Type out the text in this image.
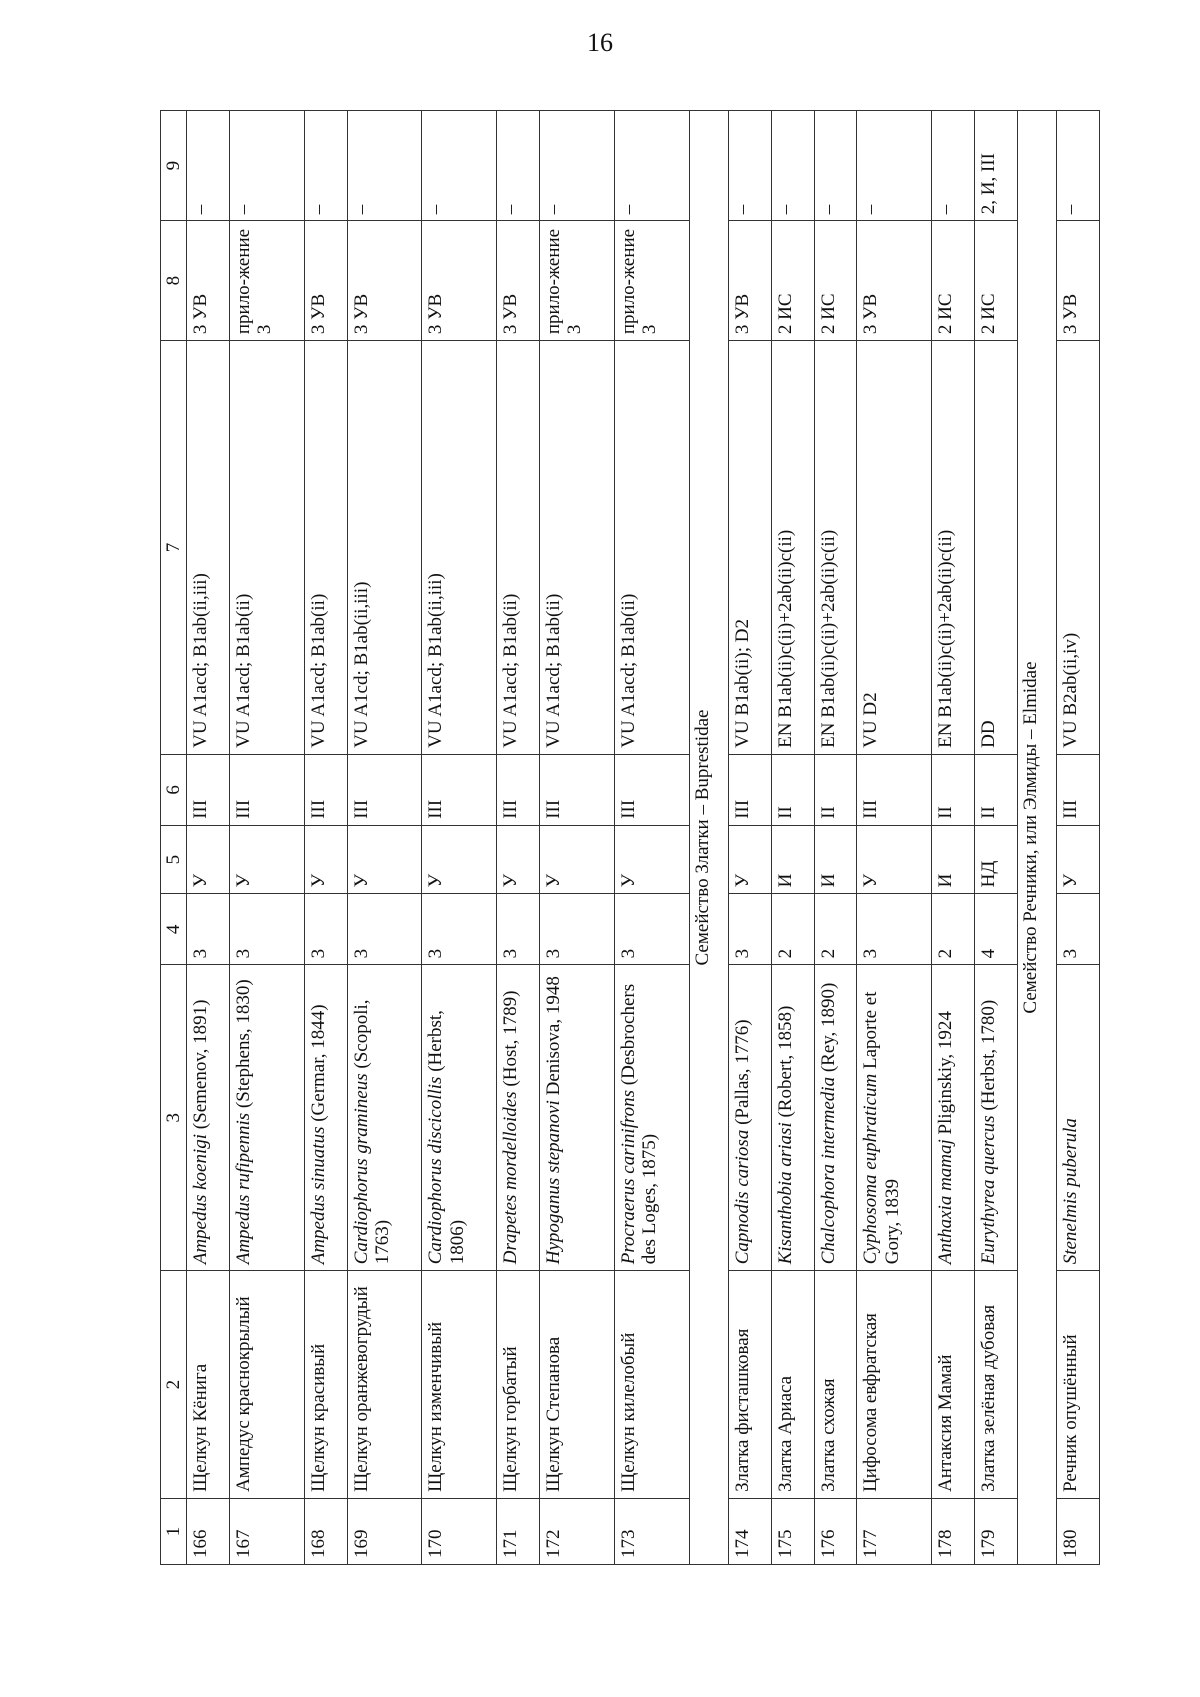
16
1	2	3	4	5	6	7	8	9
166	Щелкун Кёнига	Ampedus koenigi (Semenov, 1891)	3	У	III	VU A1acd; B1ab(ii,iii)	3 УВ	–
167	Ампедус краснокрылый	Ampedus rufipennis (Stephens, 1830)	3	У	III	VU A1acd; B1ab(ii)	прило-жение 3	–
168	Щелкун красивый	Ampedus sinuatus (Germar, 1844)	3	У	III	VU A1acd; B1ab(ii)	3 УВ	–
169	Щелкун оранжевогрудый	Cardiophorus gramineus (Scopoli, 1763)	3	У	III	VU A1cd; B1ab(ii,iii)	3 УВ	–
170	Щелкун изменчивый	Cardiophorus discicollis (Herbst, 1806)	3	У	III	VU A1acd; B1ab(ii,iii)	3 УВ	–
171	Щелкун горбатый	Drapetes mordelloides (Host, 1789)	3	У	III	VU A1acd; B1ab(ii)	3 УВ	–
172	Щелкун Степанова	Hypoganus stepanovi Denisova, 1948	3	У	III	VU A1acd; B1ab(ii)	прило-жение 3	–
173	Щелкун килелобый	Procraerus carinifrons (Desbrochers des Loges, 1875)	3	У	III	VU A1acd; B1ab(ii)	прило-жение 3	–
Семейство Златки – Buprestidae								
174	Златка фисташковая	Capnodis cariosa (Pallas, 1776)	3	У	III	VU B1ab(ii); D2	3 УВ	–
175	Златка Ариаса	Kisanthobia ariasi (Robert, 1858)	2	И	II	EN B1ab(ii)c(ii)+2ab(ii)c(ii)	2 ИС	–
176	Златка схожая	Chalcophora intermedia (Rey, 1890)	2	И	II	EN B1ab(ii)c(ii)+2ab(ii)c(ii)	2 ИС	–
177	Цифосома евфратская	Cyphosoma euphraticum Laporte et Gory, 1839	3	У	III	VU D2	3 УВ	–
178	Антаксия Мамай	Anthaxia mamaj Pliginskiy, 1924	2	И	II	EN B1ab(ii)c(ii)+2ab(ii)c(ii)	2 ИС	–
179	Златка зелёная дубовая	Eurythyrea quercus (Herbst, 1780)	4	НД	II	DD	2 ИС	2, И, III
Семейство Речники, или Элмиды – Elmidae								
180	Речник опушённый	Stenelmis puberula	3	У	III	VU B2ab(ii,iv)	3 УВ	–
